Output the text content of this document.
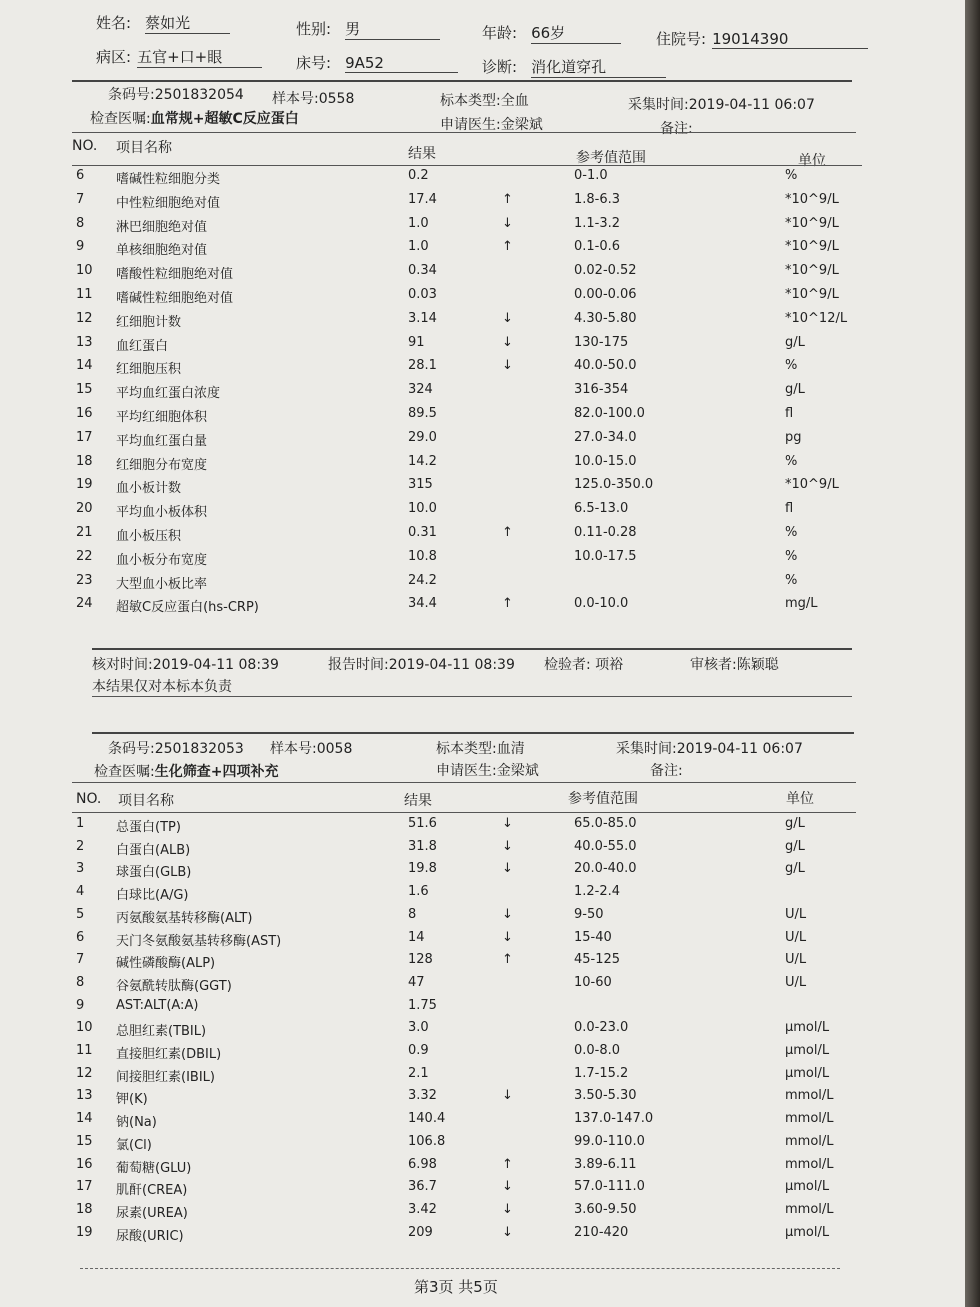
姓名: 蔡如光	性别: 男	年龄: 66岁	住院号: 19014390
病区: 五官+口+眼	床号: 9A52	诊断: 消化道穿孔
条码号:2501832054 样本号:0558	标本类型:全血	采集时间:2019-04-11 06:07
检查医嘱:血常规+超敏C反应蛋白	申请医生:金梁斌	备注:
NO. 项目名称	结果	参考值范围	单位
6 嗜碱性粒细胞分类	0.2	0-1.0	%
7 中性粒细胞绝对值	17.4	↑	1.8-6.3	*10^9/L
8 淋巴细胞绝对值	1.0	↓	1.1-3.2	*10^9/L
9 单核细胞绝对值	1.0	↑	0.1-0.6	*10^9/L
10 嗜酸性粒细胞绝对值	0.34	0.02-0.52	*10^9/L
11 嗜碱性粒细胞绝对值	0.03	0.00-0.06	*10^9/L
12 红细胞计数	3.14	↓	4.30-5.80	*10^12/L
13 血红蛋白	91	↓	130-175	g/L
14 红细胞压积	28.1	↓	40.0-50.0	%
15 平均血红蛋白浓度	324	316-354	g/L
16 平均红细胞体积	89.5	82.0-100.0	fl
17 平均血红蛋白量	29.0	27.0-34.0	pg
18 红细胞分布宽度	14.2	10.0-15.0	%
19 血小板计数	315	125.0-350.0	*10^9/L
20 平均血小板体积	10.0	6.5-13.0	fl
21 血小板压积	0.31	↑	0.11-0.28	%
22 血小板分布宽度	10.8	10.0-17.5	%
23 大型血小板比率	24.2	%
24 超敏C反应蛋白(hs-CRP)	34.4	↑	0.0-10.0	mg/L
核对时间:2019-04-11 08:39	报告时间:2019-04-11 08:39 检验者: 项裕	审核者:陈颖聪
本结果仅对本标本负责
条码号:2501832053 样本号:0058	标本类型:血清	采集时间:2019-04-11 06:07
检查医嘱:生化筛查+四项补充	申请医生:金梁斌	备注:
NO. 项目名称	结果	参考值范围	单位
1 总蛋白(TP)	51.6	↓	65.0-85.0	g/L
2 白蛋白(ALB)	31.8	↓	40.0-55.0	g/L
3 球蛋白(GLB)	19.8	↓	20.0-40.0	g/L
4 白球比(A/G)	1.6	1.2-2.4
5 丙氨酸氨基转移酶(ALT)	8	↓	9-50	U/L
6 天门冬氨酸氨基转移酶(AST)	14	↓	15-40	U/L
7 碱性磷酸酶(ALP)	128	↑	45-125	U/L
8 谷氨酰转肽酶(GGT)	47	10-60	U/L
9 AST:ALT(A:A)	1.75
10 总胆红素(TBIL)	3.0	0.0-23.0	μmol/L
11 直接胆红素(DBIL)	0.9	0.0-8.0	μmol/L
12 间接胆红素(IBIL)	2.1	1.7-15.2	μmol/L
13 钾(K)	3.32	↓	3.50-5.30	mmol/L
14 钠(Na)	140.4	137.0-147.0	mmol/L
15 氯(Cl)	106.8	99.0-110.0	mmol/L
16 葡萄糖(GLU)	6.98	↑	3.89-6.11	mmol/L
17 肌酐(CREA)	36.7	↓	57.0-111.0	μmol/L
18 尿素(UREA)	3.42	↓	3.60-9.50	mmol/L
19 尿酸(URIC)	209	↓	210-420	μmol/L
第3页 共5页
